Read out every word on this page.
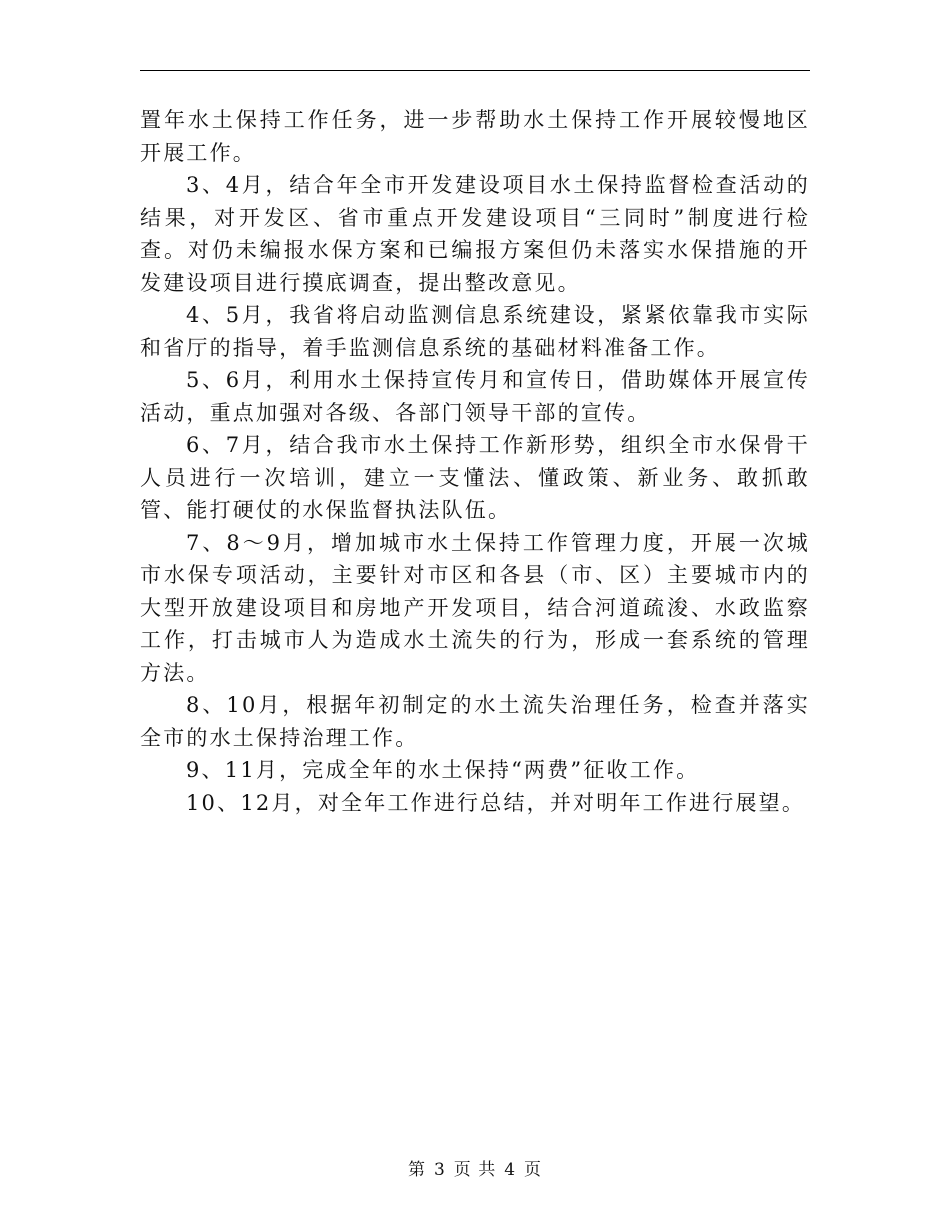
置年水土保持工作任务，进一步帮助水土保持工作开展较慢地区开展工作。

3、4月，结合年全市开发建设项目水土保持监督检查活动的结果，对开发区、省市重点开发建设项目“三同时”制度进行检查。对仍未编报水保方案和已编报方案但仍未落实水保措施的开发建设项目进行摸底调查，提出整改意见。

4、5月，我省将启动监测信息系统建设，紧紧依靠我市实际和省厅的指导，着手监测信息系统的基础材料准备工作。

5、6月，利用水土保持宣传月和宣传日，借助媒体开展宣传活动，重点加强对各级、各部门领导干部的宣传。

6、7月，结合我市水土保持工作新形势，组织全市水保骨干人员进行一次培训，建立一支懂法、懂政策、新业务、敢抓敢管、能打硬仗的水保监督执法队伍。

7、8～9月，增加城市水土保持工作管理力度，开展一次城市水保专项活动，主要针对市区和各县（市、区）主要城市内的大型开放建设项目和房地产开发项目，结合河道疏浚、水政监察工作，打击城市人为造成水土流失的行为，形成一套系统的管理方法。

8、10月，根据年初制定的水土流失治理任务，检查并落实全市的水土保持治理工作。

9、11月，完成全年的水土保持“两费”征收工作。

10、12月，对全年工作进行总结，并对明年工作进行展望。

第 3 页 共 4 页
